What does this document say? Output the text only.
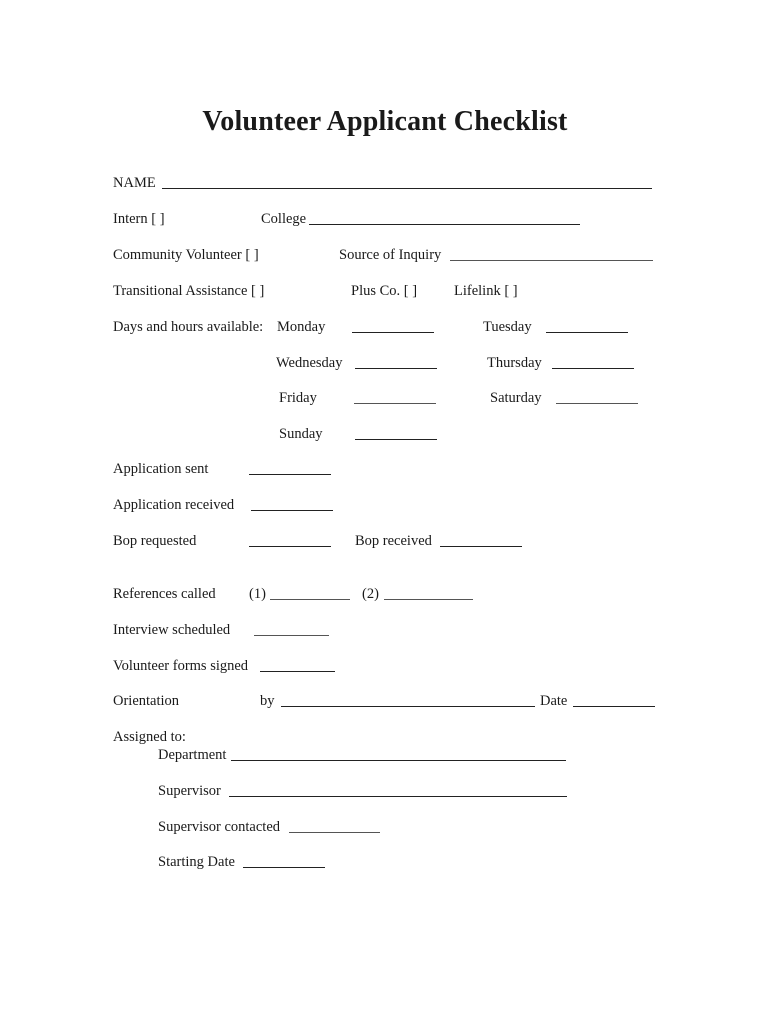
Volunteer Applicant Checklist
NAME
Intern [ ]	College
Community Volunteer [ ]	Source of Inquiry
Transitional Assistance [ ]	Plus Co. [ ]	Lifelink [ ]
Days and hours available: Monday	Tuesday
Wednesday	Thursday
Friday	Saturday
Sunday
Application sent
Application received
Bop requested	Bop received
References called (1)	(2)
Interview scheduled
Volunteer forms signed
Orientation	by	Date
Assigned to:
Department
Supervisor
Supervisor contacted
Starting Date
